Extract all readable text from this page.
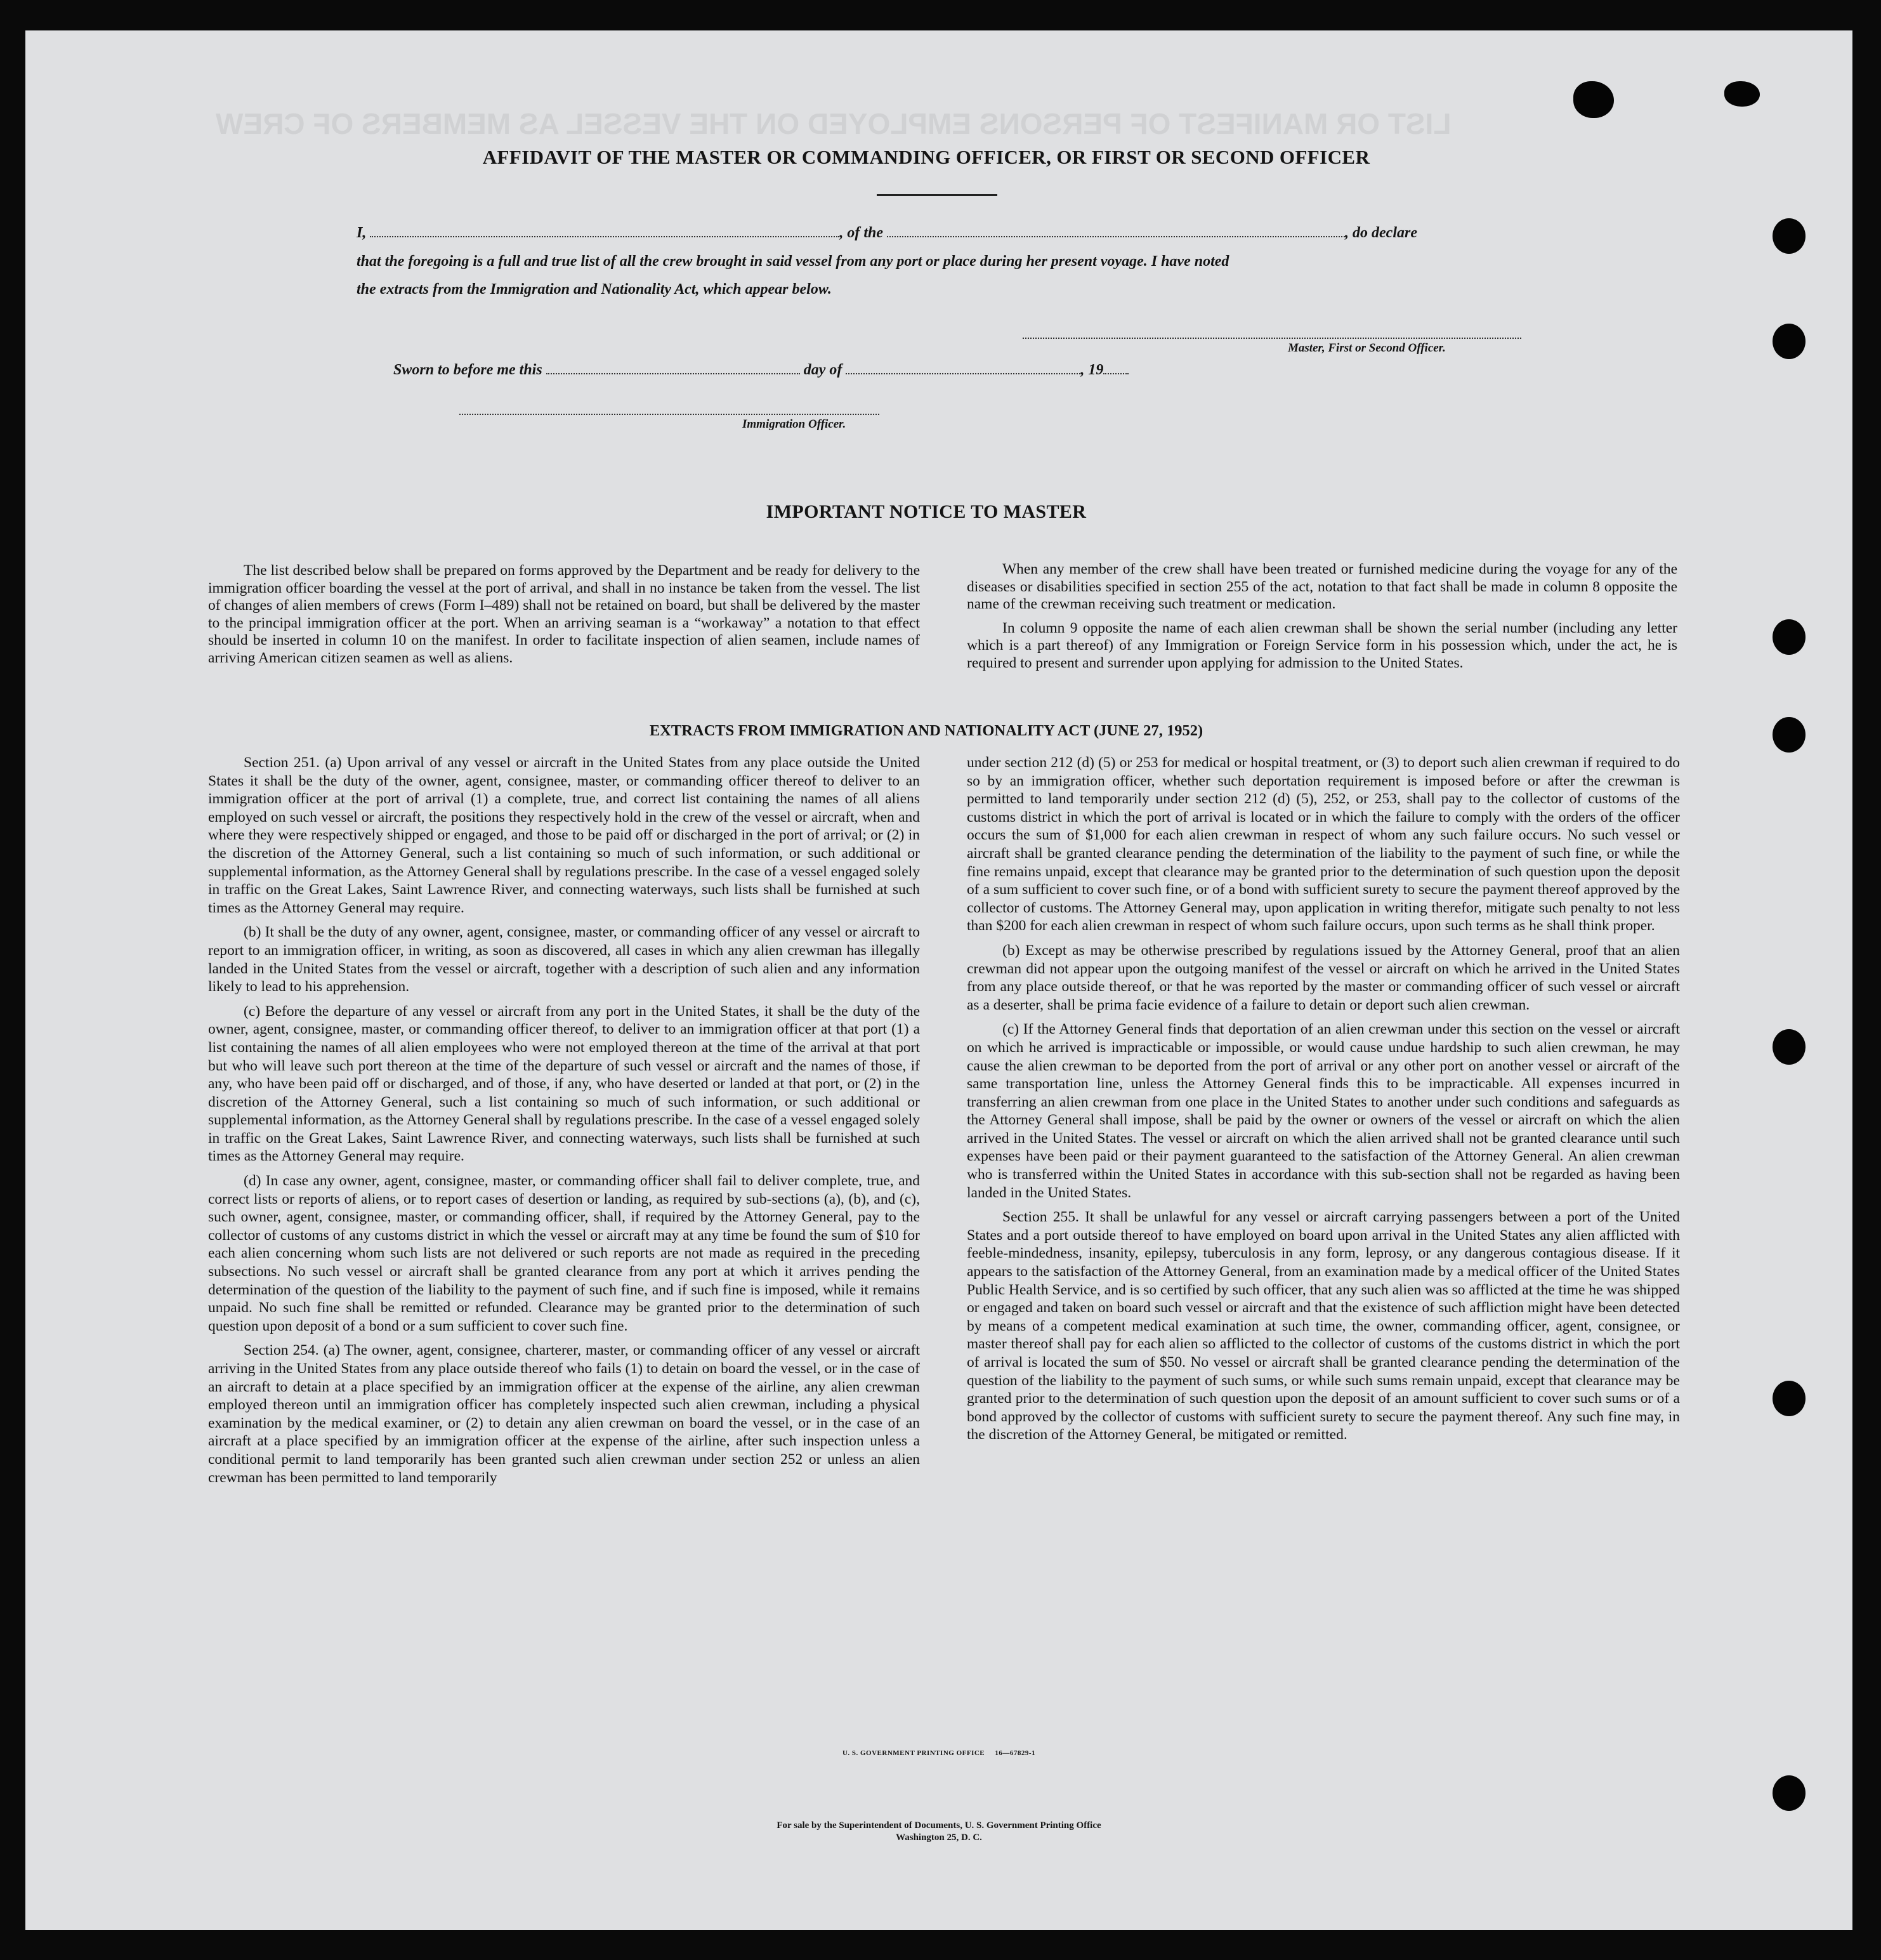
LIST OR MANIFEST OF PERSONS EMPLOYED ON THE VESSEL AS MEMBERS OF CREW
AFFIDAVIT OF THE MASTER OR COMMANDING OFFICER, OR FIRST OR SECOND OFFICER
I,	, of the	, do declare
that the foregoing is a full and true list of all the crew brought in said vessel from any port or place during her present voyage. I have noted
the extracts from the Immigration and Nationality Act, which appear below.
Master, First or Second Officer.
Sworn to before me this	day of	, 19
Immigration Officer.
IMPORTANT NOTICE TO MASTER

The list described below shall be prepared on forms approved by the Department and be ready for delivery to the immigration officer boarding the vessel at the port of arrival, and shall in no instance be taken from the vessel. The list of changes of alien members of crews (Form I–489) shall not be retained on board, but shall be delivered by the master to the principal immigration officer at the port. When an arriving seaman is a “workaway” a notation to that effect should be inserted in column 10 on the manifest. In order to facilitate inspection of alien seamen, include names of arriving American citizen seamen as well as aliens.

When any member of the crew shall have been treated or furnished medicine during the voyage for any of the diseases or disabilities specified in section 255 of the act, notation to that fact shall be made in column 8 opposite the name of the crewman receiving such treatment or medication.

In column 9 opposite the name of each alien crewman shall be shown the serial number (including any letter which is a part thereof) of any Immigration or Foreign Service form in his possession which, under the act, he is required to present and surrender upon applying for admission to the United States.

EXTRACTS FROM IMMIGRATION AND NATIONALITY ACT (JUNE 27, 1952)

Section 251. (a) Upon arrival of any vessel or aircraft in the United States from any place outside the United States it shall be the duty of the owner, agent, consignee, master, or commanding officer thereof to deliver to an immigration officer at the port of arrival (1) a complete, true, and correct list containing the names of all aliens employed on such vessel or aircraft, the positions they respectively hold in the crew of the vessel or aircraft, when and where they were respectively shipped or engaged, and those to be paid off or discharged in the port of arrival; or (2) in the discretion of the Attorney General, such a list containing so much of such information, or such additional or supplemental information, as the Attorney General shall by regulations prescribe. In the case of a vessel engaged solely in traffic on the Great Lakes, Saint Lawrence River, and connecting waterways, such lists shall be furnished at such times as the Attorney General may require.

(b) It shall be the duty of any owner, agent, consignee, master, or commanding officer of any vessel or aircraft to report to an immigration officer, in writing, as soon as discovered, all cases in which any alien crewman has illegally landed in the United States from the vessel or aircraft, together with a description of such alien and any information likely to lead to his apprehension.

(c) Before the departure of any vessel or aircraft from any port in the United States, it shall be the duty of the owner, agent, consignee, master, or commanding officer thereof, to deliver to an immigration officer at that port (1) a list containing the names of all alien employees who were not employed thereon at the time of the arrival at that port but who will leave such port thereon at the time of the departure of such vessel or aircraft and the names of those, if any, who have been paid off or discharged, and of those, if any, who have deserted or landed at that port, or (2) in the discretion of the Attorney General, such a list containing so much of such information, or such additional or supplemental information, as the Attorney General shall by regulations prescribe. In the case of a vessel engaged solely in traffic on the Great Lakes, Saint Lawrence River, and connecting waterways, such lists shall be furnished at such times as the Attorney General may require.

(d) In case any owner, agent, consignee, master, or commanding officer shall fail to deliver complete, true, and correct lists or reports of aliens, or to report cases of desertion or landing, as required by sub-sections (a), (b), and (c), such owner, agent, consignee, master, or commanding officer, shall, if required by the Attorney General, pay to the collector of customs of any customs district in which the vessel or aircraft may at any time be found the sum of $10 for each alien concerning whom such lists are not delivered or such reports are not made as required in the preceding subsections. No such vessel or aircraft shall be granted clearance from any port at which it arrives pending the determination of the question of the liability to the payment of such fine, and if such fine is imposed, while it remains unpaid. No such fine shall be remitted or refunded. Clearance may be granted prior to the determination of such question upon deposit of a bond or a sum sufficient to cover such fine.

Section 254. (a) The owner, agent, consignee, charterer, master, or commanding officer of any vessel or aircraft arriving in the United States from any place outside thereof who fails (1) to detain on board the vessel, or in the case of an aircraft to detain at a place specified by an immigration officer at the expense of the airline, any alien crewman employed thereon until an immigration officer has completely inspected such alien crewman, including a physical examination by the medical examiner, or (2) to detain any alien crewman on board the vessel, or in the case of an aircraft at a place specified by an immigration officer at the expense of the airline, after such inspection unless a conditional permit to land temporarily has been granted such alien crewman under section 252 or unless an alien crewman has been permitted to land temporarily

under section 212 (d) (5) or 253 for medical or hospital treatment, or (3) to deport such alien crewman if required to do so by an immigration officer, whether such deportation requirement is imposed before or after the crewman is permitted to land temporarily under section 212 (d) (5), 252, or 253, shall pay to the collector of customs of the customs district in which the port of arrival is located or in which the failure to comply with the orders of the officer occurs the sum of $1,000 for each alien crewman in respect of whom any such failure occurs. No such vessel or aircraft shall be granted clearance pending the determination of the liability to the payment of such fine, or while the fine remains unpaid, except that clearance may be granted prior to the determination of such question upon the deposit of a sum sufficient to cover such fine, or of a bond with sufficient surety to secure the payment thereof approved by the collector of customs. The Attorney General may, upon application in writing therefor, mitigate such penalty to not less than $200 for each alien crewman in respect of whom such failure occurs, upon such terms as he shall think proper.

(b) Except as may be otherwise prescribed by regulations issued by the Attorney General, proof that an alien crewman did not appear upon the outgoing manifest of the vessel or aircraft on which he arrived in the United States from any place outside thereof, or that he was reported by the master or commanding officer of such vessel or aircraft as a deserter, shall be prima facie evidence of a failure to detain or deport such alien crewman.

(c) If the Attorney General finds that deportation of an alien crewman under this section on the vessel or aircraft on which he arrived is impracticable or impossible, or would cause undue hardship to such alien crewman, he may cause the alien crewman to be deported from the port of arrival or any other port on another vessel or aircraft of the same transportation line, unless the Attorney General finds this to be impracticable. All expenses incurred in transferring an alien crewman from one place in the United States to another under such conditions and safeguards as the Attorney General shall impose, shall be paid by the owner or owners of the vessel or aircraft on which the alien arrived in the United States. The vessel or aircraft on which the alien arrived shall not be granted clearance until such expenses have been paid or their payment guaranteed to the satisfaction of the Attorney General. An alien crewman who is transferred within the United States in accordance with this sub-section shall not be regarded as having been landed in the United States.

Section 255. It shall be unlawful for any vessel or aircraft carrying passengers between a port of the United States and a port outside thereof to have employed on board upon arrival in the United States any alien afflicted with feeble-mindedness, insanity, epilepsy, tuberculosis in any form, leprosy, or any dangerous contagious disease. If it appears to the satisfaction of the Attorney General, from an examination made by a medical officer of the United States Public Health Service, and is so certified by such officer, that any such alien was so afflicted at the time he was shipped or engaged and taken on board such vessel or aircraft and that the existence of such affliction might have been detected by means of a competent medical examination at such time, the owner, commanding officer, agent, consignee, or master thereof shall pay for each alien so afflicted to the collector of customs of the customs district in which the port of arrival is located the sum of $50. No vessel or aircraft shall be granted clearance pending the determination of the question of the liability to the payment of such sums, or while such sums remain unpaid, except that clearance may be granted prior to the determination of such question upon the deposit of an amount sufficient to cover such sums or of a bond approved by the collector of customs with sufficient surety to secure the payment thereof. Any such fine may, in the discretion of the Attorney General, be mitigated or remitted.

U. S. GOVERNMENT PRINTING OFFICE     16—67829-1
For sale by the Superintendent of Documents, U. S. Government Printing Office
Washington 25, D. C.
